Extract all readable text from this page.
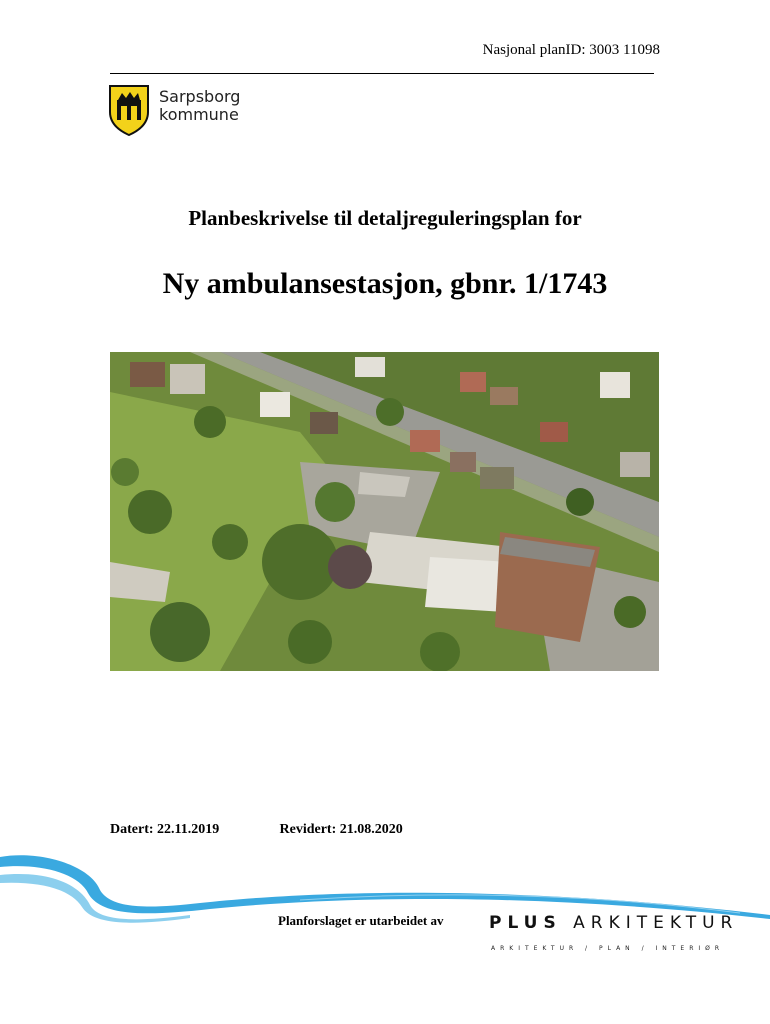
Nasjonal planID: 3003 11098
Sarpsborg
kommune
Planbeskrivelse til detaljreguleringsplan for
Ny ambulansestasjon, gbnr. 1/1743
Datert: 22.11.2019	Revidert: 21.08.2020
Planforslaget er utarbeidet av	PLUS ARKITEKTUR
ARKITEKTUR / PLAN / INTERIØR
